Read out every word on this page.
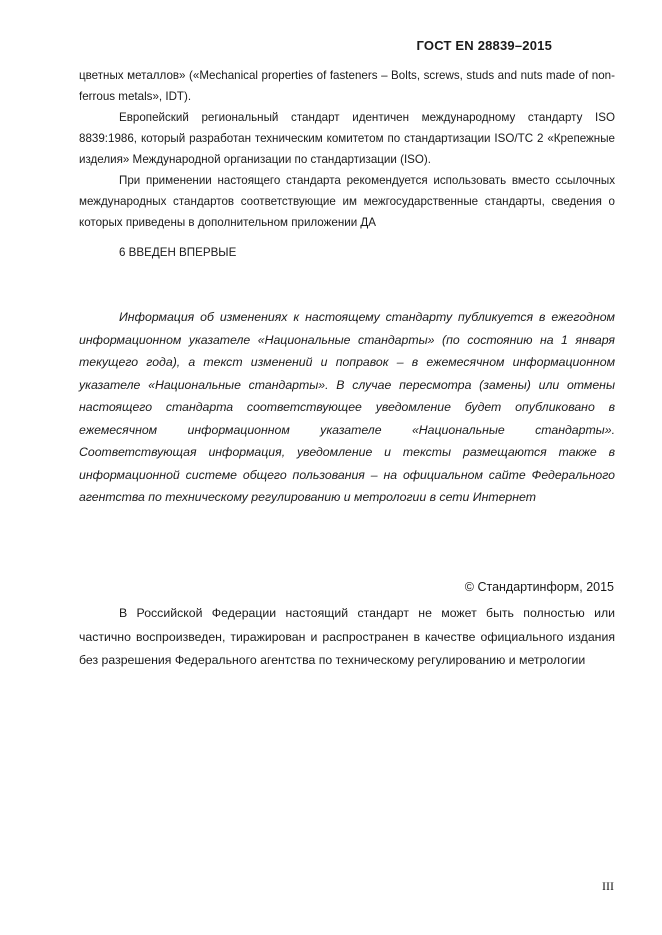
ГОСТ EN 28839–2015

цветных металлов» («Mechanical properties of fasteners – Bolts, screws, studs and nuts made of non-ferrous metals», IDT).

Европейский региональный стандарт идентичен международному стандарту ISO 8839:1986, который разработан техническим комитетом по стандартизации ISO/TC 2 «Крепежные изделия» Международной организации по стандартизации (ISO).

При применении настоящего стандарта рекомендуется использовать вместо ссылочных международных стандартов соответствующие им межгосударственные стандарты, сведения о которых приведены в дополнительном приложении ДА

6 ВВЕДЕН ВПЕРВЫЕ

Информация об изменениях к настоящему стандарту публикуется в ежегодном информационном указателе «Национальные стандарты» (по состоянию на 1 января текущего года), а текст изменений и поправок – в ежемесячном информационном указателе «Национальные стандарты». В случае пересмотра (замены) или отмены настоящего стандарта соответствующее уведомление будет опубликовано в ежемесячном информационном указателе «Национальные стандарты». Соответствующая информация, уведомление и тексты размещаются также в информационной системе общего пользования – на официальном сайте Федерального агентства по техническому регулированию и метрологии в сети Интернет

© Стандартинформ, 2015

В Российской Федерации настоящий стандарт не может быть полностью или частично воспроизведен, тиражирован и распространен в качестве официального издания без разрешения Федерального агентства по техническому регулированию и метрологии

III
